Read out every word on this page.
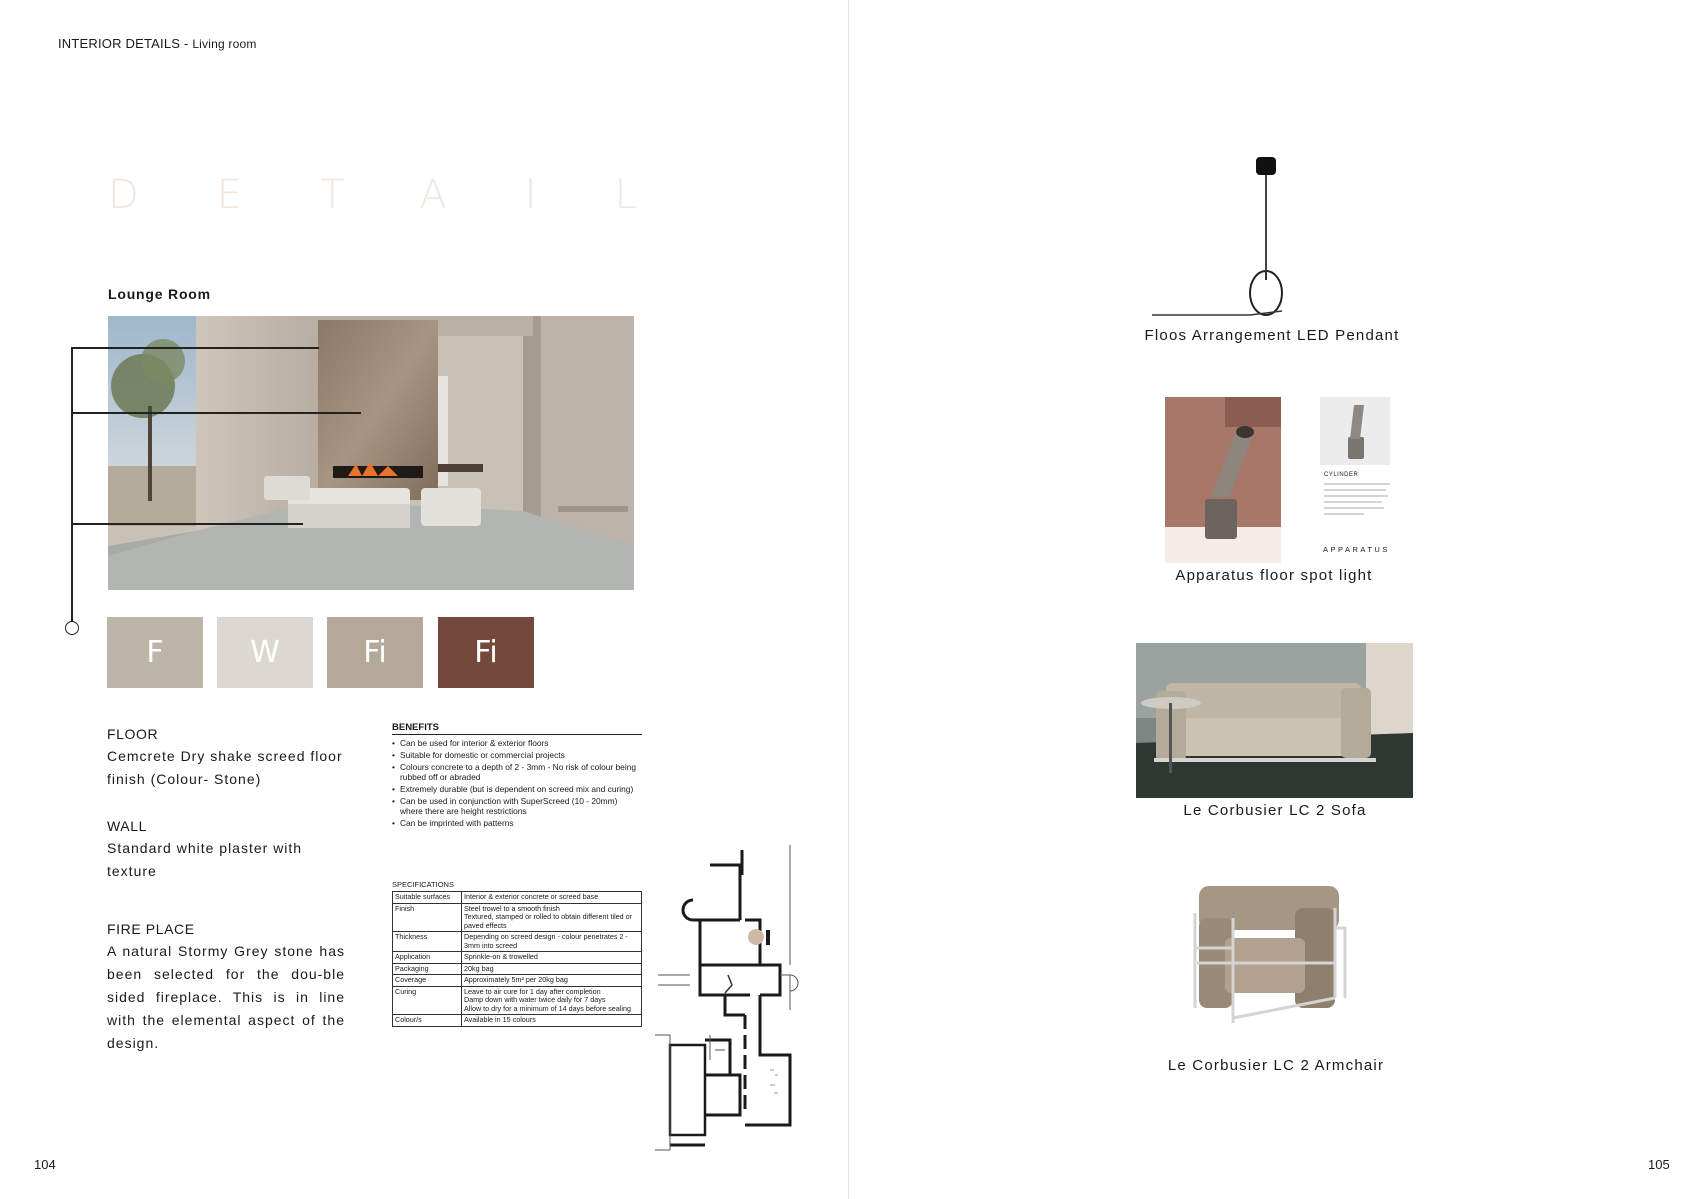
INTERIOR DETAILS - Living room
DETAIL
Lounge Room
F	W	Fi	Fi
FLOOR
Cemcrete Dry shake screed floor finish (Colour- Stone)
WALL
Standard white plaster with texture
FIRE PLACE
A natural Stormy Grey stone has been selected for the dou-ble sided fireplace. This is in line with the elemental aspect of the design.
BENEFITS
• Can be used for interior & exterior floors
• Suitable for domestic or commercial projects
• Colours concrete to a depth of 2 - 3mm - No risk of colour being rubbed off or abraded
• Extremely durable (but is dependent on screed mix and curing)
• Can be used in conjunction with SuperScreed (10 - 20mm) where there are height restrictions
• Can be imprinted with patterns
SPECIFICATIONS
Suitable surfaces	Interior & exterior concrete or screed base
Finish	Steel trowel to a smooth finish
Textured, stamped or rolled to obtain different tiled or paved effects
Thickness	Depending on screed design - colour penetrates 2 - 3mm into screed
Application	Sprinkle-on & trowelled
Packaging	20kg bag
Coverage	Approximately 5m² per 20kg bag
Curing	Leave to air cure for 1 day after completion
Damp down with water twice daily for 7 days
Allow to dry for a minimum of 14 days before sealing
Colour/s	Available in 15 colours
104
Floos Arrangement LED Pendant
CYLINDER
APPARATUS
Apparatus floor spot light
Le Corbusier LC 2 Sofa
Le Corbusier LC 2 Armchair
105
